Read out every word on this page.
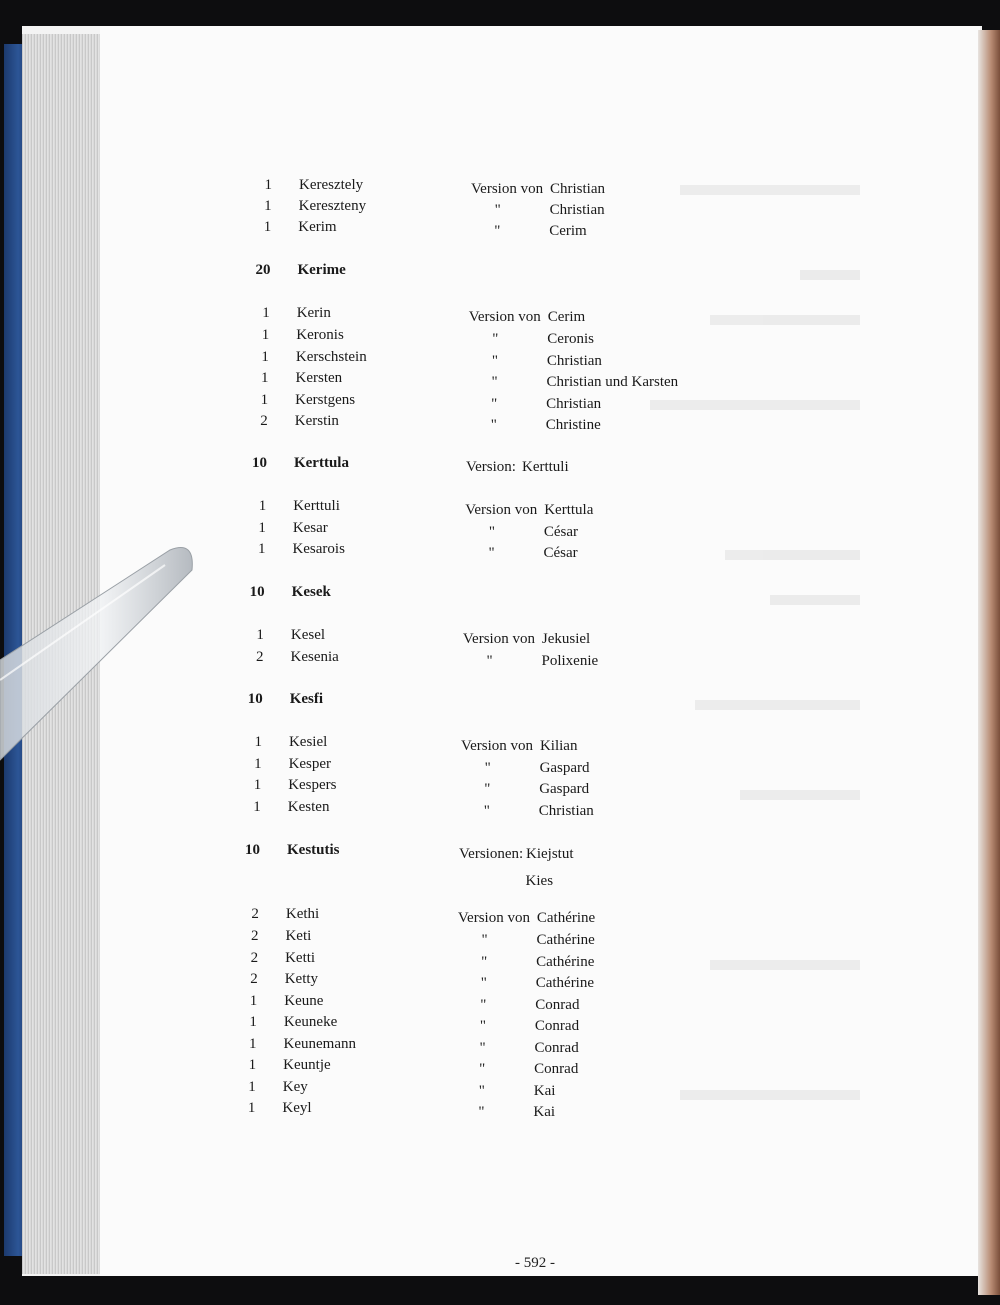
1 Keresztely	Version von Christian
1 Kereszteny	"	Christian
1 Kerim	"	Cerim
20 Kerime
1 Kerin	Version von Cerim
1 Keronis	"	Ceronis
1 Kerschstein	"	Christian
1 Kersten	"	Christian und Karsten
1 Kerstgens	"	Christian
2 Kerstin	"	Christine
10 Kerttula	Version: Kerttuli
1 Kerttuli	Version von Kerttula
1 Kesar	"	César
1 Kesarois	"	César
10 Kesek
1 Kesel	Version von Jekusiel
2 Kesenia	"	Polixenie
10 Kesfi
1 Kesiel	Version von Kilian
1 Kesper	"	Gaspard
1 Kespers	"	Gaspard
1 Kesten	"	Christian
10 Kestutis	Versionen: Kiejstut
Kies
2 Kethi	Version von Cathérine
2 Keti	"	Cathérine
2 Ketti	"	Cathérine
2 Ketty	"	Cathérine
1 Keune	"	Conrad
1 Keuneke	"	Conrad
1 Keunemann	"	Conrad
1 Keuntje	"	Conrad
1 Key	"	Kai
1 Keyl	"	Kai
- 592 -
